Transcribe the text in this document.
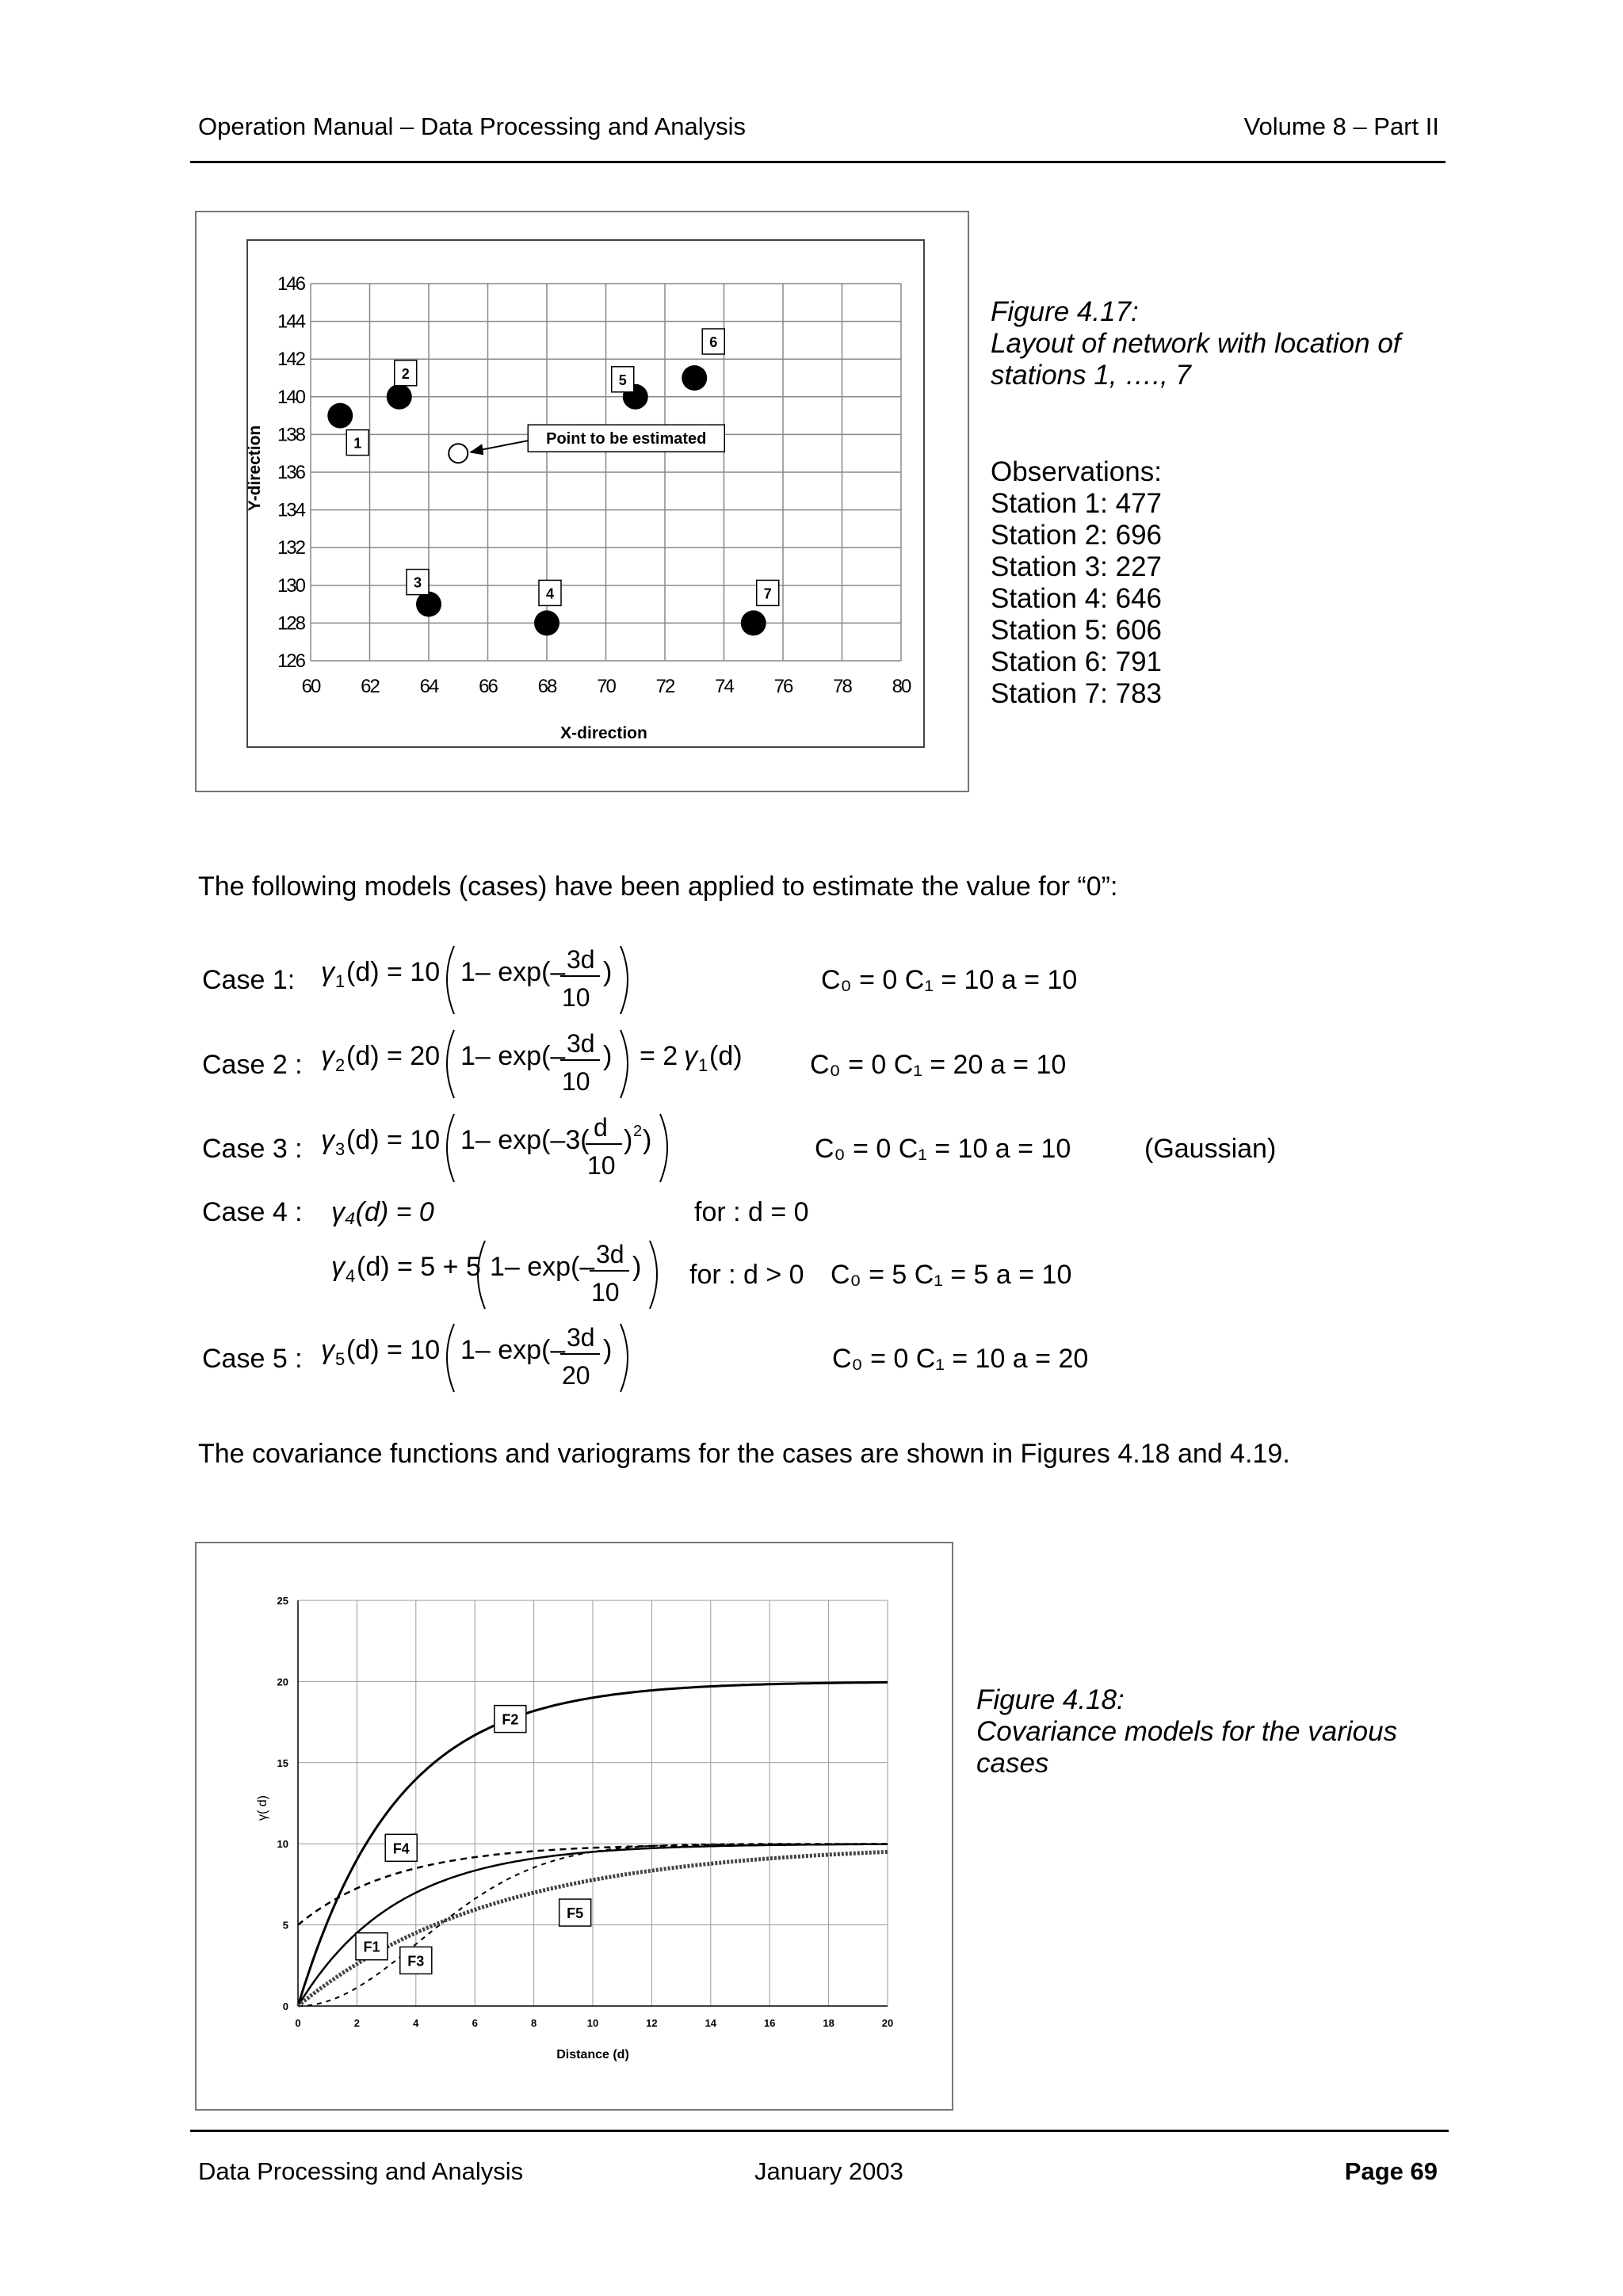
Operation Manual – Data Processing and Analysis	Volume 8 – Part II
60 62 64 66 68 70 72 74 76 78 80
146
144
142
140
138
136
134
132
130
128
126
1
2
3
4
5
6
7
Point to be estimated
X-direction
Y-direction
Figure 4.17:
Layout of network with location of
stations 1, …., 7
Observations:
Station 1: 477
Station 2: 696
Station 3: 227
Station 4: 646
Station 5: 606
Station 6: 791
Station 7: 783
The following models (cases) have been applied to estimate the value for “0”:
Case 1: γ 1 (d) = 10 1– exp(– 3d
10
)	C₀ = 0 C₁ = 10 a = 10
Case 2 : γ 2 (d) = 20 1– exp(– 3d
10
) = 2 γ 1 (d)	C₀ = 0 C₁ = 20 a = 10
Case 3 : γ 3 (d) = 10 1– exp(–3( d
10
) 2 )	C₀ = 0 C₁ = 10 a = 10	(Gaussian)
Case 4 : γ₄(d) = 0	for : d = 0
γ 4 (d) = 5 + 5 1– exp(– 3d
10
) for : d > 0 C₀ = 5 C₁ = 5 a = 10
Case 5 : γ 5 (d) = 10 1– exp(– 3d
20
)	C₀ = 0 C₁ = 10 a = 20
The covariance functions and variograms for the cases are shown in Figures 4.18 and 4.19.
0	2	4	6	8	10	12	14	16	18	20
25
20
15
10
5
0
F1
F2
F3
F4
F5
Distance (d)
γ( d)
Figure 4.18:
Covariance models for the various
cases
Data Processing and Analysis	January 2003	Page 69
